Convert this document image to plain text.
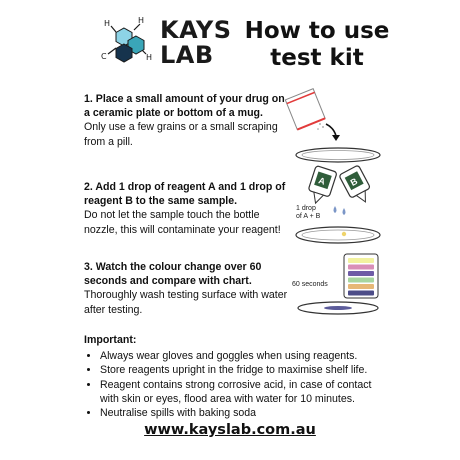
H	H
C	H
KAYS
LAB
How to use
test kit
1. Place a small amount of your drug on a ceramic plate or bottom of a mug.
Only use a few grains or a small scraping from a pill.
2. Add 1 drop of reagent A and 1 drop of reagent B to the same sample.
Do not let the sample touch the bottle nozzle, this will contaminate your reagent!
A B
1 drop
of A + B
3. Watch the colour change over 60 seconds and compare with chart.
Thoroughly wash testing surface with water after testing.
60 seconds
Important:
• Always wear gloves and goggles when using reagents.
• Store reagents upright in the fridge to maximise shelf life.
• Reagent contains strong corrosive acid, in case of contact with skin or eyes, flood area with water for 10 minutes.
• Neutralise spills with baking soda
www.kayslab.com.au
